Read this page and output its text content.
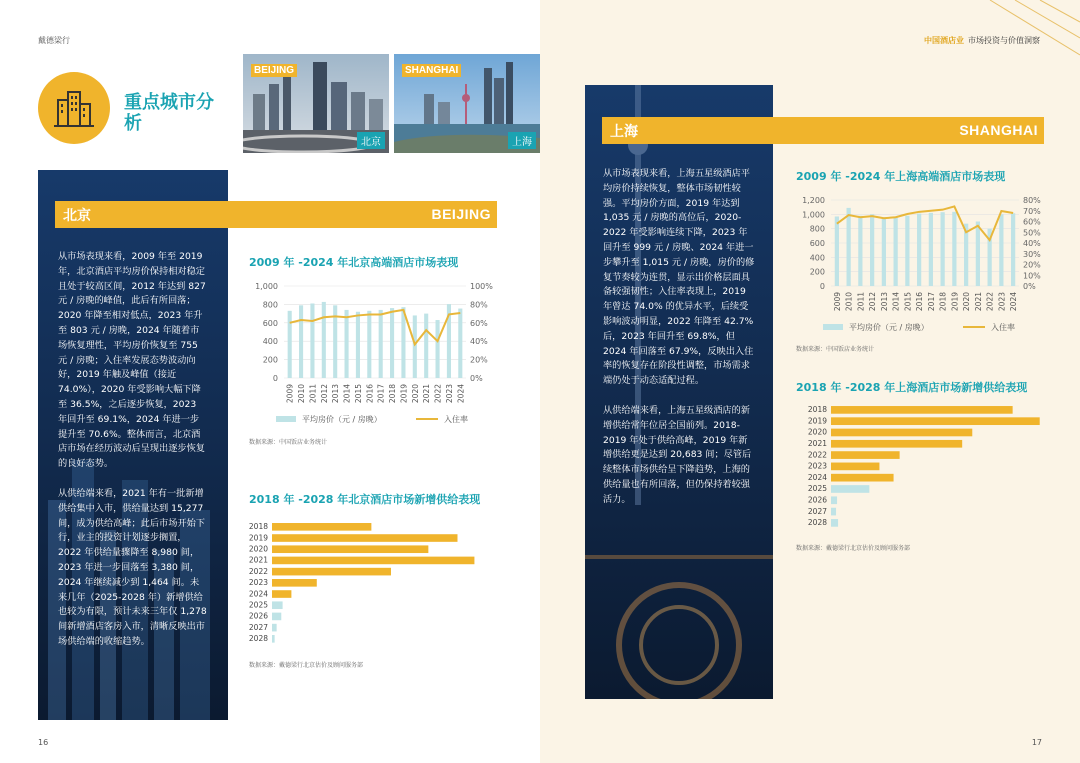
戴德梁行
重点城市分析
BEIJING
北京
SHANGHAI
上海

从市场表现来看，2009 年至 2019 年，北京酒店平均房价保持相对稳定且处于较高区间，2012 年达到 827 元 / 房晚的峰值，此后有所回落；2020 年降至相对低点，2023 年升至 803 元 / 房晚，2024 年随着市场恢复理性，平均房价恢复至 755 元 / 房晚；入住率发展态势波动向好，2019 年触及峰值（接近 74.0%），2020 年受影响大幅下降至 36.5%，之后逐步恢复，2023 年回升至 69.1%，2024 年进一步提升至 70.6%。整体而言，北京酒店市场在经历波动后呈现出逐步恢复的良好态势。

从供给端来看，2021 年有一批新增供给集中入市，供给量达到 15,277 间，成为供给高峰；此后市场开始下行，业主的投资计划逐步搁置，2022 年供给量骤降至 8,980 间，2023 年进一步回落至 3,380 间，2024 年继续减少到 1,464 间。未来几年（2025-2028 年）新增供给也较为有限，预计未来三年仅 1,278 间新增酒店客房入市，清晰反映出市场供给端的收缩趋势。

北京	BEIJING
2009 年 -2024 年北京高端酒店市场表现
0
200
400
600
800
1,000
0%
20%
40%
60%
80%
100%
2009 2010 2011 2012 2013 2014 2015 2016 2017 2018 2019 2020 2021 2022 2023 2024
平均房价（元 / 房晚）	入住率
数据来源：中国饭店业务统计
2018 年 -2028 年北京酒店市场新增供给表现
2018
2019
2020
2021
2022
2023
2024
2025
2026
2027
2028
数据来源：戴德梁行北京估价及顾问服务部
16
中国酒店业 市场投资与价值洞察

从市场表现来看，上海五星级酒店平均房价持续恢复，整体市场韧性较强。平均房价方面，2019 年达到 1,035 元 / 房晚的高位后，2020-2022 年受影响连续下降，2023 年回升至 999 元 / 房晚、2024 年进一步攀升至 1,015 元 / 房晚，房价的修复节奏较为连贯，显示出价格层面具备较强韧性；入住率表现上，2019 年曾达 74.0% 的优异水平，后续受影响波动明显，2022 年降至 42.7% 后，2023 年回升至 69.8%，但 2024 年回落至 67.9%，反映出入住率的恢复存在阶段性调整，市场需求端仍处于动态适配过程。

从供给端来看，上海五星级酒店的新增供给常年位居全国前列。2018-2019 年处于供给高峰，2019 年新增供给更是达到 20,683 间；尽管后续整体市场供给呈下降趋势，上海的供给量也有所回落，但仍保持着较强活力。

上海	SHANGHAI
2009 年 -2024 年上海高端酒店市场表现
0
200
400
600
800
1,000
1,200
0%
10%
20%
30%
40%
50%
60%
70%
80%
2009 2010 2011 2012 2013 2014 2015 2016 2017 2018 2019 2020 2021 2022 2023 2024
平均房价（元 / 房晚）	入住率
数据来源：中国饭店业务统计
2018 年 -2028 年上海酒店市场新增供给表现
2018
2019
2020
2021
2022
2023
2024
2025
2026
2027
2028
数据来源：戴德梁行北京估价及顾问服务部
17
